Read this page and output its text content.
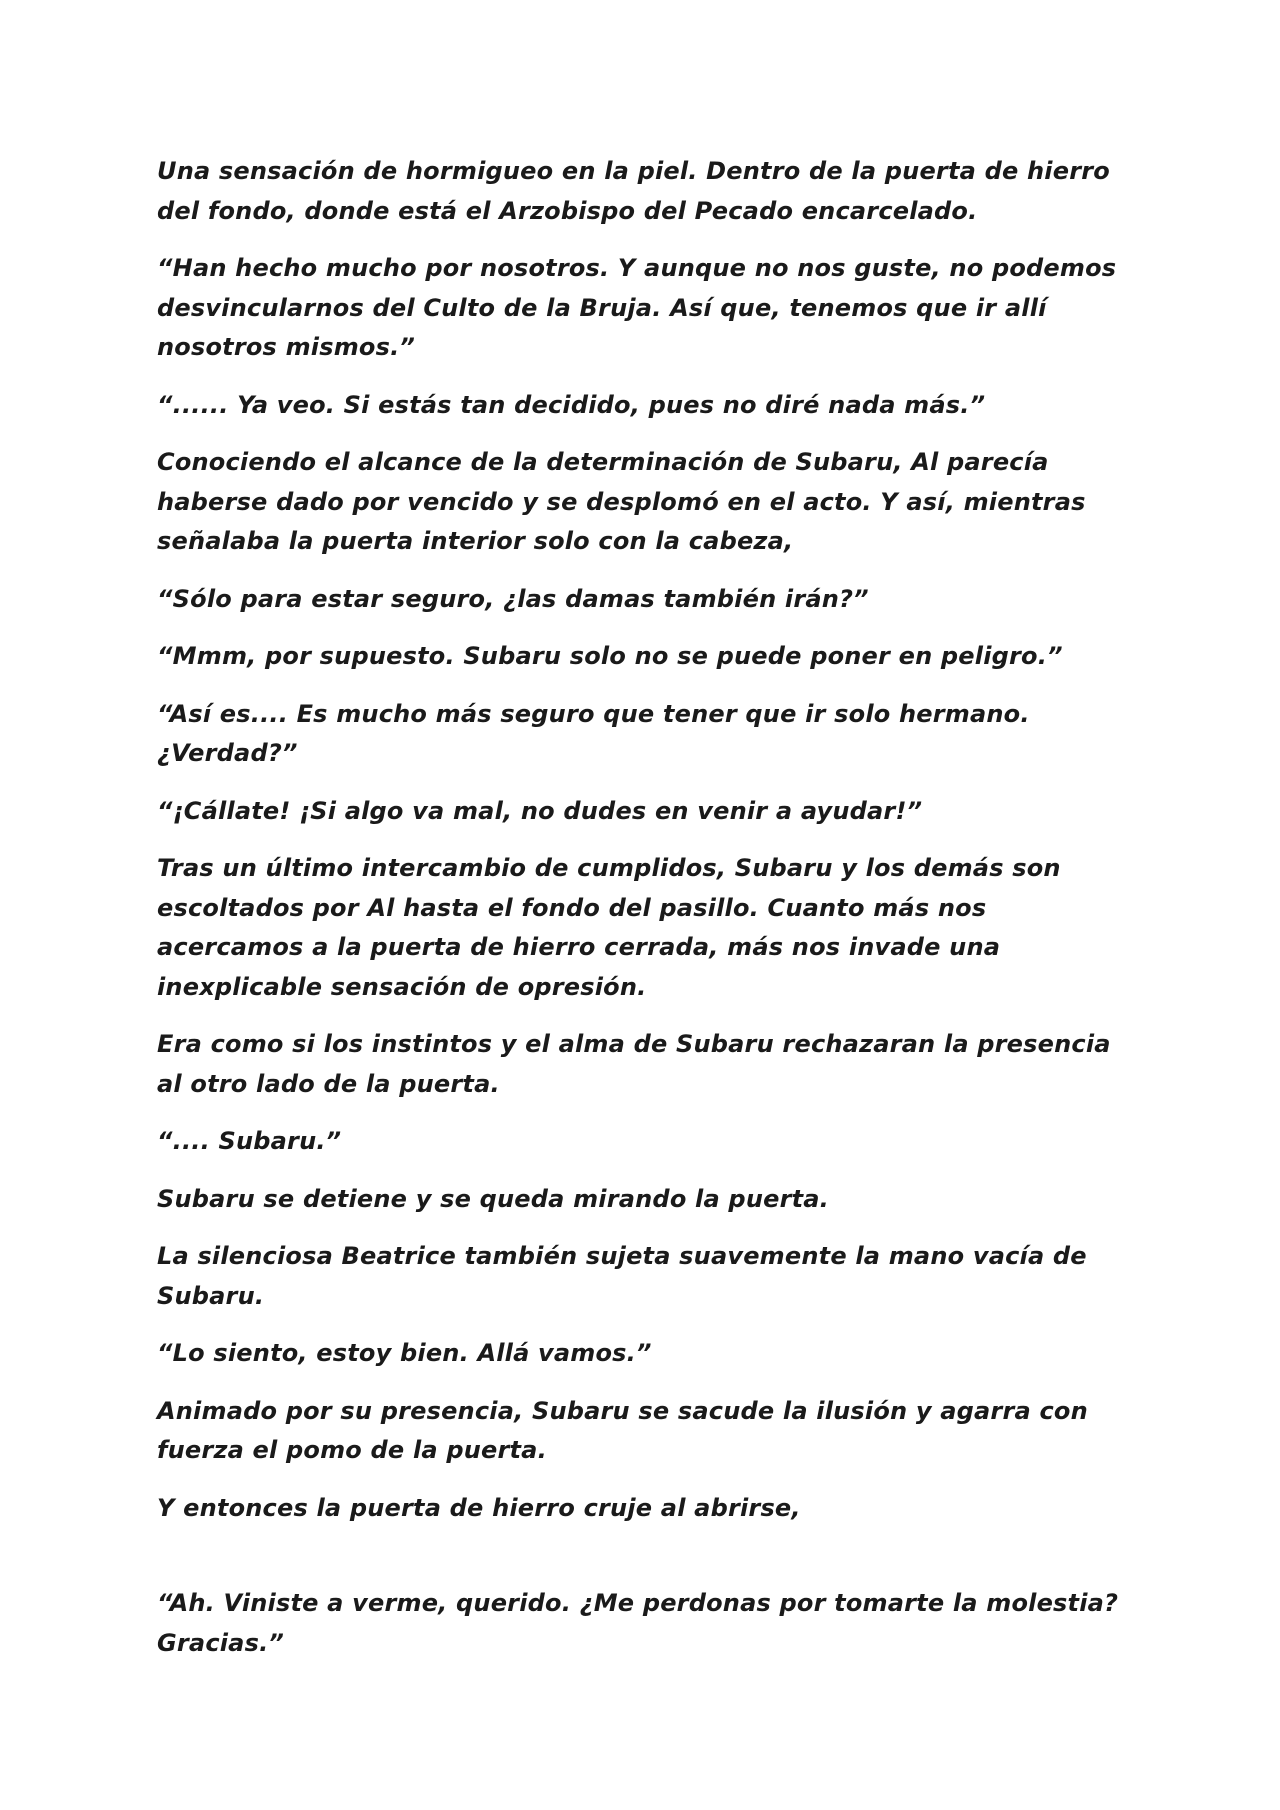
Una sensación de hormigueo en la piel. Dentro de la puerta de hierro del fondo, donde está el Arzobispo del Pecado encarcelado.

“Han hecho mucho por nosotros. Y aunque no nos guste, no podemos desvincularnos del Culto de la Bruja. Así que, tenemos que ir allí nosotros mismos.”

“...... Ya veo. Si estás tan decidido, pues no diré nada más.”

Conociendo el alcance de la determinación de Subaru, Al parecía haberse dado por vencido y se desplomó en el acto. Y así, mientras señalaba la puerta interior solo con la cabeza,

“Sólo para estar seguro, ¿las damas también irán?”

“Mmm, por supuesto. Subaru solo no se puede poner en peligro.”

“Así es.... Es mucho más seguro que tener que ir solo hermano. ¿Verdad?”

“¡Cállate! ¡Si algo va mal, no dudes en venir a ayudar!”

Tras un último intercambio de cumplidos, Subaru y los demás son escoltados por Al hasta el fondo del pasillo. Cuanto más nos acercamos a la puerta de hierro cerrada, más nos invade una inexplicable sensación de opresión.

Era como si los instintos y el alma de Subaru rechazaran la presencia al otro lado de la puerta.

“.... Subaru.”

Subaru se detiene y se queda mirando la puerta.

La silenciosa Beatrice también sujeta suavemente la mano vacía de Subaru.

“Lo siento, estoy bien. Allá vamos.”

Animado por su presencia, Subaru se sacude la ilusión y agarra con fuerza el pomo de la puerta.

Y entonces la puerta de hierro cruje al abrirse,

“Ah. Viniste a verme, querido. ¿Me perdonas por tomarte la molestia? Gracias.”
